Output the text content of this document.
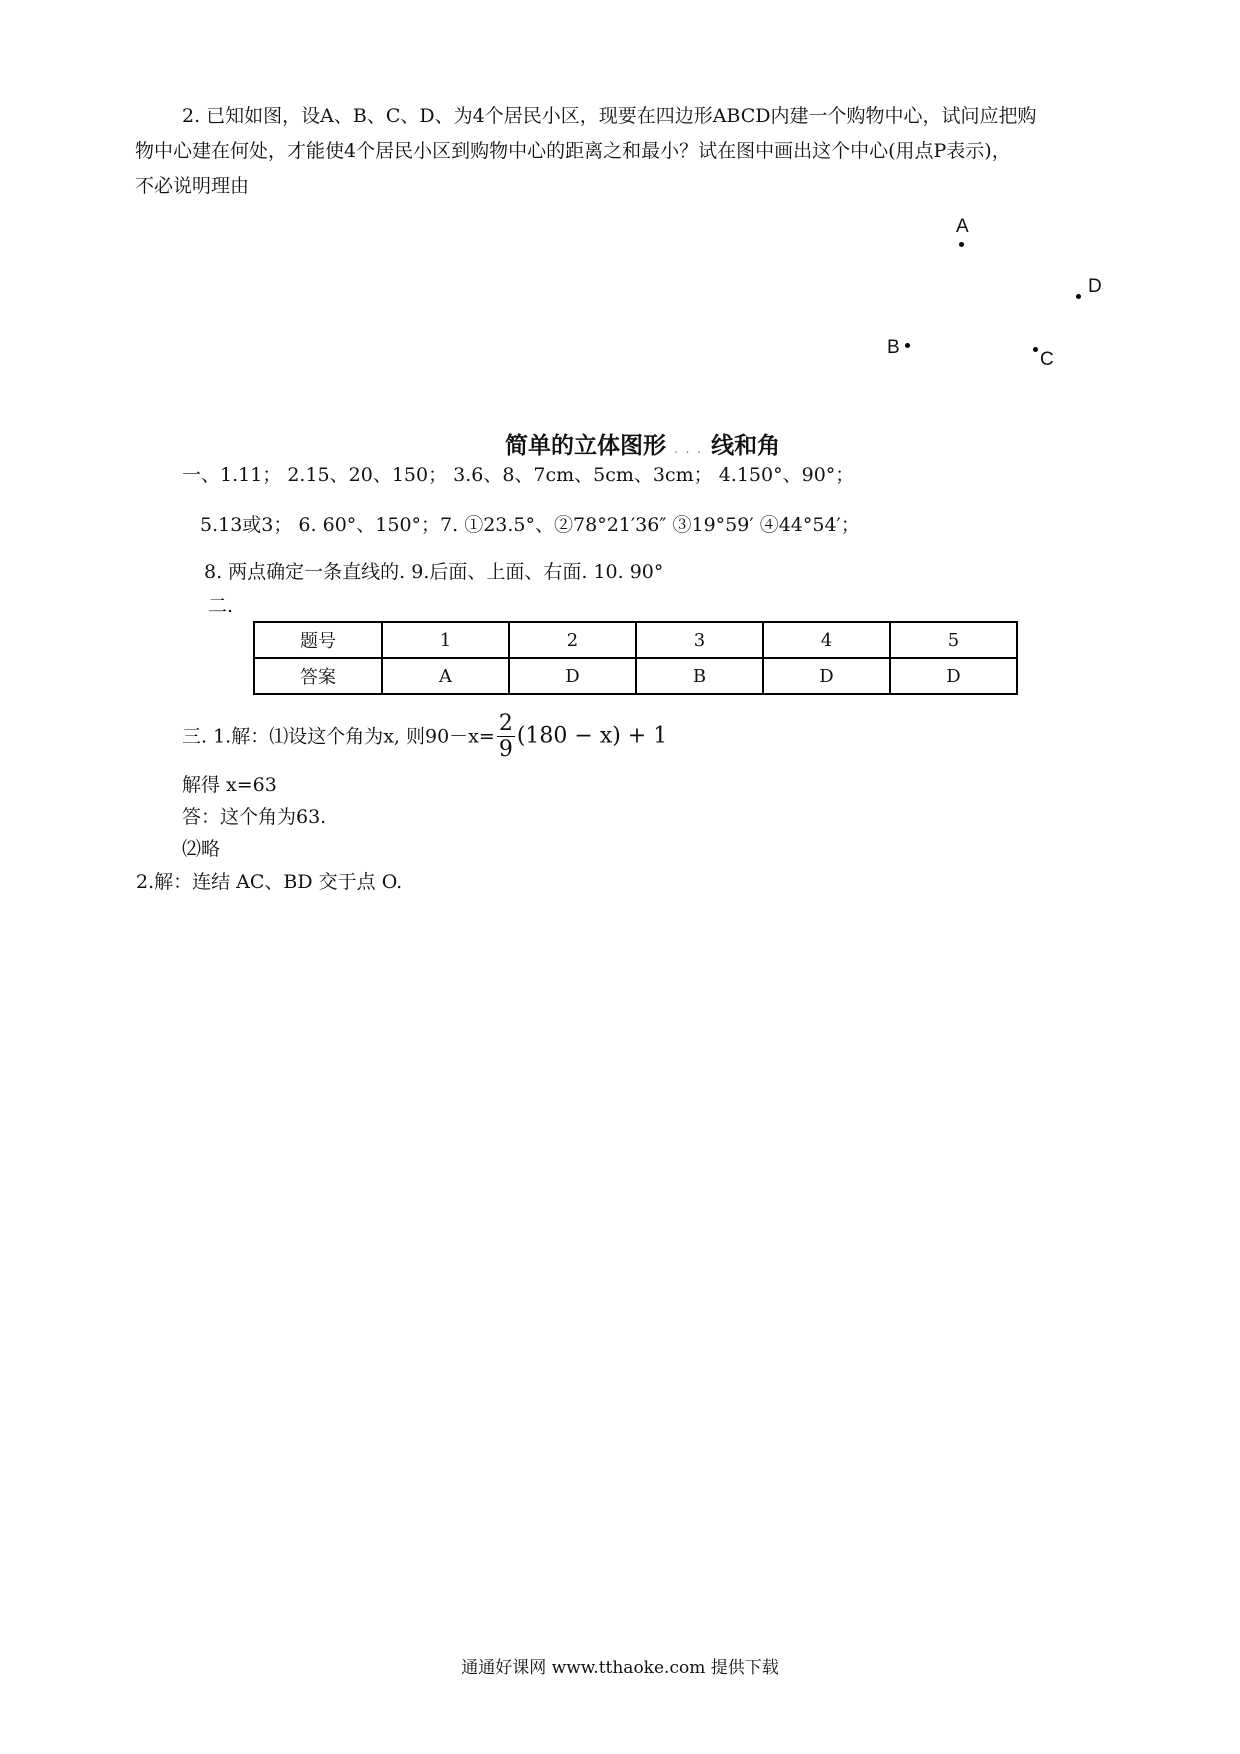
2. 已知如图，设A、B、C、D、为4个居民小区，现要在四边形ABCD内建一个购物中心，试问应把购
物中心建在何处，才能使4个居民小区到购物中心的距离之和最小？试在图中画出这个中心(用点P表示)，
不必说明理由
A
D
B
C
简单的立体图形 . . . 线和角
一、1.11； 2.15、20、150； 3.6、8、7cm、5cm、3cm； 4.150°、90°；
5.13或3； 6. 60°、150°；7. ①23.5°、②78°21′36″ ③19°59′ ④44°54′；
8. 两点确定一条直线的. 9.后面、上面、右面. 10. 90°
二.
题号	1	2	3	4	5
答案	A	D	B	D	D
三. 1.解：⑴设这个角为x, 则$90-x= \frac{2}{9} (180 - x) + 1$
解得 x=63
答：这个角为63.
⑵略
2.解：连结 AC、BD 交于点 O.
通通好课网 www.tthaoke.com 提供下载
